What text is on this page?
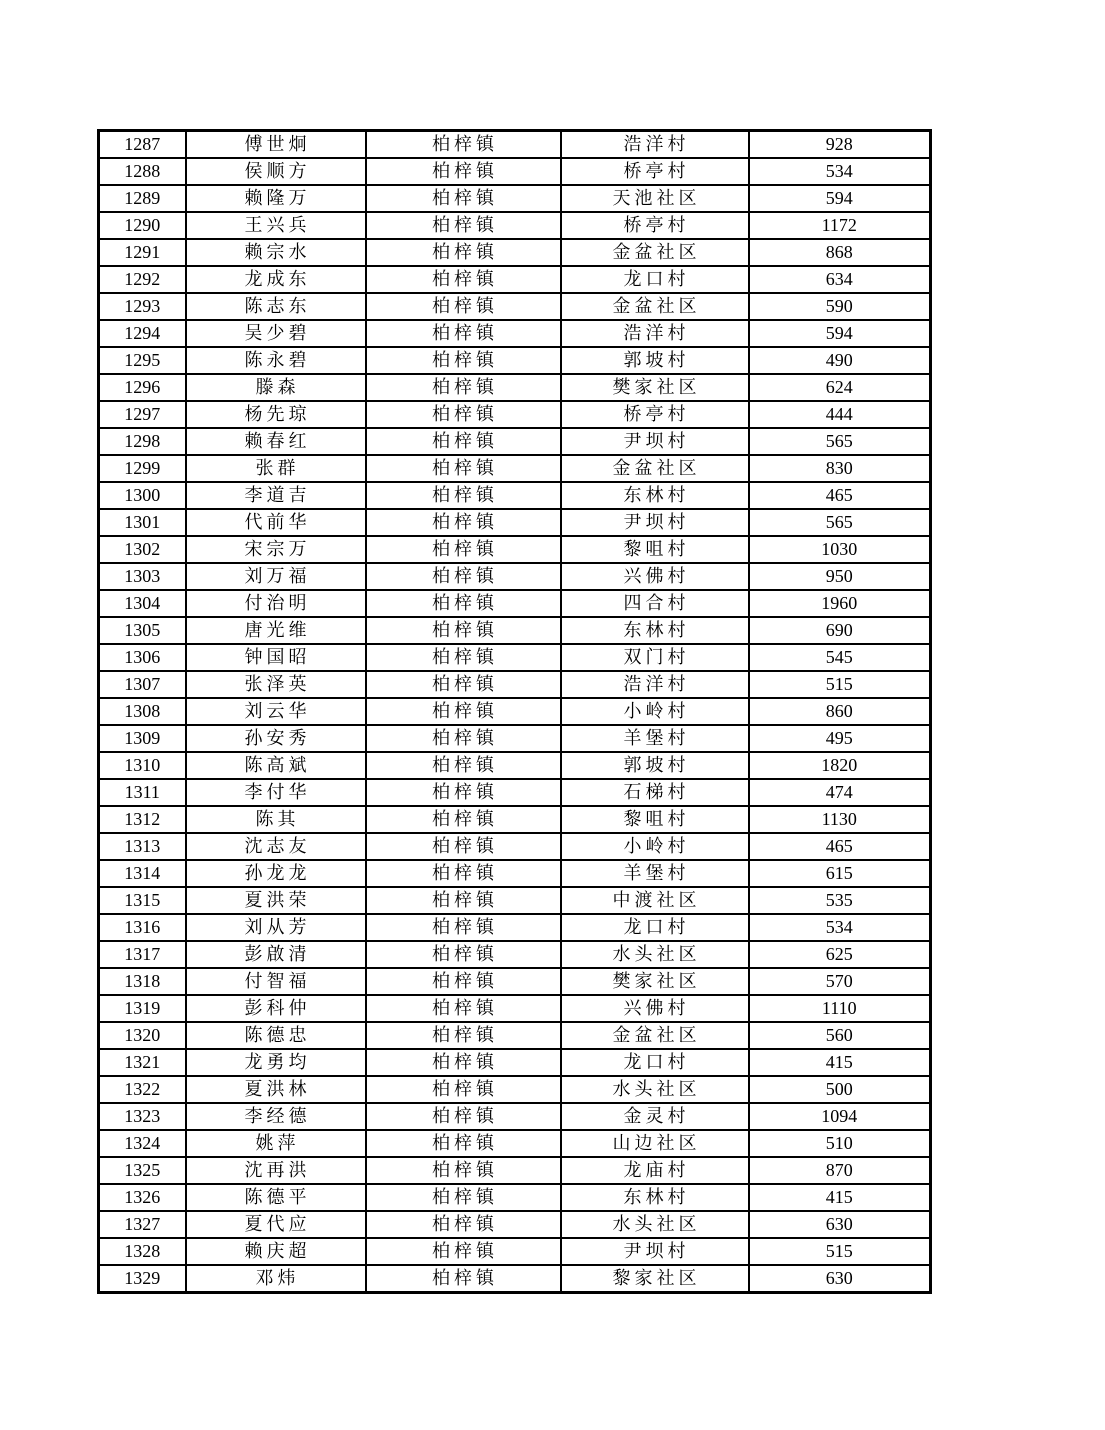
1287	傅世炯	柏梓镇	浩洋村	928
1288	侯顺方	柏梓镇	桥亭村	534
1289	赖隆万	柏梓镇	天池社区	594
1290	王兴兵	柏梓镇	桥亭村	1172
1291	赖宗水	柏梓镇	金盆社区	868
1292	龙成东	柏梓镇	龙口村	634
1293	陈志东	柏梓镇	金盆社区	590
1294	吴少碧	柏梓镇	浩洋村	594
1295	陈永碧	柏梓镇	郭坡村	490
1296	滕森	柏梓镇	樊家社区	624
1297	杨先琼	柏梓镇	桥亭村	444
1298	赖春红	柏梓镇	尹坝村	565
1299	张群	柏梓镇	金盆社区	830
1300	李道吉	柏梓镇	东林村	465
1301	代前华	柏梓镇	尹坝村	565
1302	宋宗万	柏梓镇	黎咀村	1030
1303	刘万福	柏梓镇	兴佛村	950
1304	付治明	柏梓镇	四合村	1960
1305	唐光维	柏梓镇	东林村	690
1306	钟国昭	柏梓镇	双门村	545
1307	张泽英	柏梓镇	浩洋村	515
1308	刘云华	柏梓镇	小岭村	860
1309	孙安秀	柏梓镇	羊堡村	495
1310	陈高斌	柏梓镇	郭坡村	1820
1311	李付华	柏梓镇	石梯村	474
1312	陈其	柏梓镇	黎咀村	1130
1313	沈志友	柏梓镇	小岭村	465
1314	孙龙龙	柏梓镇	羊堡村	615
1315	夏洪荣	柏梓镇	中渡社区	535
1316	刘从芳	柏梓镇	龙口村	534
1317	彭啟清	柏梓镇	水头社区	625
1318	付智福	柏梓镇	樊家社区	570
1319	彭科仲	柏梓镇	兴佛村	1110
1320	陈德忠	柏梓镇	金盆社区	560
1321	龙勇均	柏梓镇	龙口村	415
1322	夏洪林	柏梓镇	水头社区	500
1323	李经德	柏梓镇	金灵村	1094
1324	姚萍	柏梓镇	山边社区	510
1325	沈再洪	柏梓镇	龙庙村	870
1326	陈德平	柏梓镇	东林村	415
1327	夏代应	柏梓镇	水头社区	630
1328	赖庆超	柏梓镇	尹坝村	515
1329	邓炜	柏梓镇	黎家社区	630
